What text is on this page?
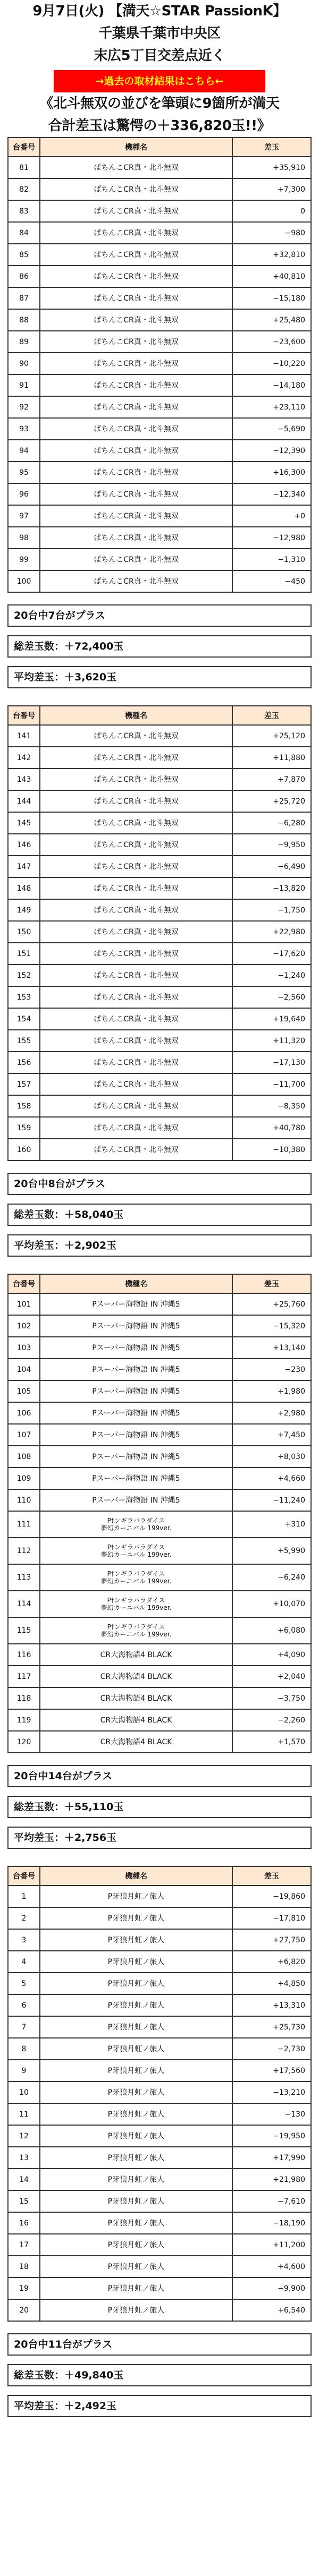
9月7日(火) 【満天☆STAR PassionK】
千葉県千葉市中央区
末広5丁目交差点近く
→過去の取材結果はこちら←
《北斗無双の並びを筆頭に9箇所が満天
合計差玉は驚愕の＋336,820玉!!》
台番号	機種名	差玉
81	ぱちんこCR真・北斗無双	+35,910
82	ぱちんこCR真・北斗無双	+7,300
83	ぱちんこCR真・北斗無双	0
84	ぱちんこCR真・北斗無双	−980
85	ぱちんこCR真・北斗無双	+32,810
86	ぱちんこCR真・北斗無双	+40,810
87	ぱちんこCR真・北斗無双	−15,180
88	ぱちんこCR真・北斗無双	+25,480
89	ぱちんこCR真・北斗無双	−23,600
90	ぱちんこCR真・北斗無双	−10,220
91	ぱちんこCR真・北斗無双	−14,180
92	ぱちんこCR真・北斗無双	+23,110
93	ぱちんこCR真・北斗無双	−5,690
94	ぱちんこCR真・北斗無双	−12,390
95	ぱちんこCR真・北斗無双	+16,300
96	ぱちんこCR真・北斗無双	−12,340
97	ぱちんこCR真・北斗無双	+0
98	ぱちんこCR真・北斗無双	−12,980
99	ぱちんこCR真・北斗無双	−1,310
100	ぱちんこCR真・北斗無双	−450
20台中7台がプラス
総差玉数：＋72,400玉
平均差玉：＋3,620玉
台番号	機種名	差玉
141	ぱちんこCR真・北斗無双	+25,120
142	ぱちんこCR真・北斗無双	+11,880
143	ぱちんこCR真・北斗無双	+7,870
144	ぱちんこCR真・北斗無双	+25,720
145	ぱちんこCR真・北斗無双	−6,280
146	ぱちんこCR真・北斗無双	−9,950
147	ぱちんこCR真・北斗無双	−6,490
148	ぱちんこCR真・北斗無双	−13,820
149	ぱちんこCR真・北斗無双	−1,750
150	ぱちんこCR真・北斗無双	+22,980
151	ぱちんこCR真・北斗無双	−17,620
152	ぱちんこCR真・北斗無双	−1,240
153	ぱちんこCR真・北斗無双	−2,560
154	ぱちんこCR真・北斗無双	+19,640
155	ぱちんこCR真・北斗無双	+11,320
156	ぱちんこCR真・北斗無双	−17,130
157	ぱちんこCR真・北斗無双	−11,700
158	ぱちんこCR真・北斗無双	−8,350
159	ぱちんこCR真・北斗無双	+40,780
160	ぱちんこCR真・北斗無双	−10,380
20台中8台がプラス
総差玉数：＋58,040玉
平均差玉：＋2,902玉
台番号	機種名	差玉
101	Pスーパー海物語 IN 沖縄5	+25,760
102	Pスーパー海物語 IN 沖縄5	−15,320
103	Pスーパー海物語 IN 沖縄5	+13,140
104	Pスーパー海物語 IN 沖縄5	−230
105	Pスーパー海物語 IN 沖縄5	+1,980
106	Pスーパー海物語 IN 沖縄5	+2,980
107	Pスーパー海物語 IN 沖縄5	+7,450
108	Pスーパー海物語 IN 沖縄5	+8,030
109	Pスーパー海物語 IN 沖縄5	+4,660
110	Pスーパー海物語 IN 沖縄5	−11,240
111	P†ンギラパラダイス
夢幻カーニバル 199ver.	+310
112	P†ンギラパラダイス
夢幻カーニバル 199ver.	+5,990
113	P†ンギラパラダイス
夢幻カーニバル 199ver.	−6,240
114	P†ンギラパラダイス
夢幻カーニバル 199ver.	+10,070
115	P†ンギラパラダイス
夢幻カーニバル 199ver.	+6,080
116	CR大海物語4 BLACK	+4,090
117	CR大海物語4 BLACK	+2,040
118	CR大海物語4 BLACK	−3,750
119	CR大海物語4 BLACK	−2,260
120	CR大海物語4 BLACK	+1,570
20台中14台がプラス
総差玉数：＋55,110玉
平均差玉：＋2,756玉
台番号	機種名	差玉
1	P牙狼月虹ノ旅人	−19,860
2	P牙狼月虹ノ旅人	−17,810
3	P牙狼月虹ノ旅人	+27,750
4	P牙狼月虹ノ旅人	+6,820
5	P牙狼月虹ノ旅人	+4,850
6	P牙狼月虹ノ旅人	+13,310
7	P牙狼月虹ノ旅人	+25,730
8	P牙狼月虹ノ旅人	−2,730
9	P牙狼月虹ノ旅人	+17,560
10	P牙狼月虹ノ旅人	−13,210
11	P牙狼月虹ノ旅人	−130
12	P牙狼月虹ノ旅人	−19,950
13	P牙狼月虹ノ旅人	+17,990
14	P牙狼月虹ノ旅人	+21,980
15	P牙狼月虹ノ旅人	−7,610
16	P牙狼月虹ノ旅人	−18,190
17	P牙狼月虹ノ旅人	+11,200
18	P牙狼月虹ノ旅人	+4,600
19	P牙狼月虹ノ旅人	−9,900
20	P牙狼月虹ノ旅人	+6,540
20台中11台がプラス
総差玉数：＋49,840玉
平均差玉：＋2,492玉
